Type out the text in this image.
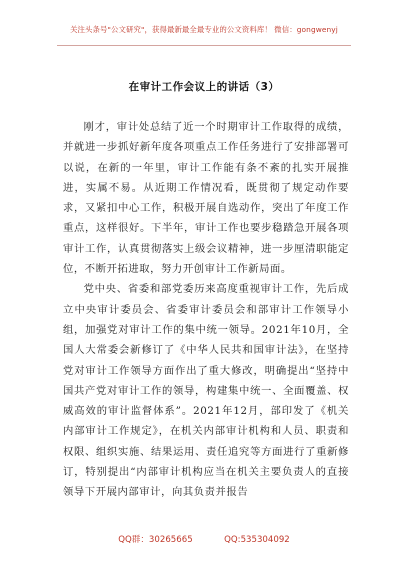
关注头条号"公文研究"，获得最新最全最专业的公文资料库！ 微信：gongwenyj
在审计工作会议上的讲话（3）

刚才，审计处总结了近一个时期审计工作取得的成绩，并就进一步抓好新年度各项重点工作任务进行了安排部署可以说，在新的一年里，审计工作能有条不紊的扎实开展推进，实属不易。从近期工作情况看，既贯彻了规定动作要求，又紧扣中心工作，积极开展自选动作，突出了年度工作重点，这样很好。下半年，审计工作也要步稳踏急开展各项审计工作，认真贯彻落实上级会议精神，进一步厘清职能定位，不断开拓进取，努力开创审计工作新局面。

党中央、省委和部党委历来高度重视审计工作，先后成立中央审计委员会、省委审计委员会和部审计工作领导小组，加强党对审计工作的集中统一领导。2021年10月，全国人大常委会新修订了《中华人民共和国审计法》，在坚持党对审计工作领导方面作出了重大修改，明确提出“坚持中国共产党对审计工作的领导，构建集中统一、全面覆盖、权威高效的审计监督体系”。2021年12月，部印发了《机关内部审计工作规定》，在机关内部审计机构和人员、职责和权限、组织实施、结果运用、责任追究等方面进行了重新修订，特别提出“内部审计机构应当在机关主要负责人的直接领导下开展内部审计，向其负责并报告

QQ群：30265665	QQ:535304092
